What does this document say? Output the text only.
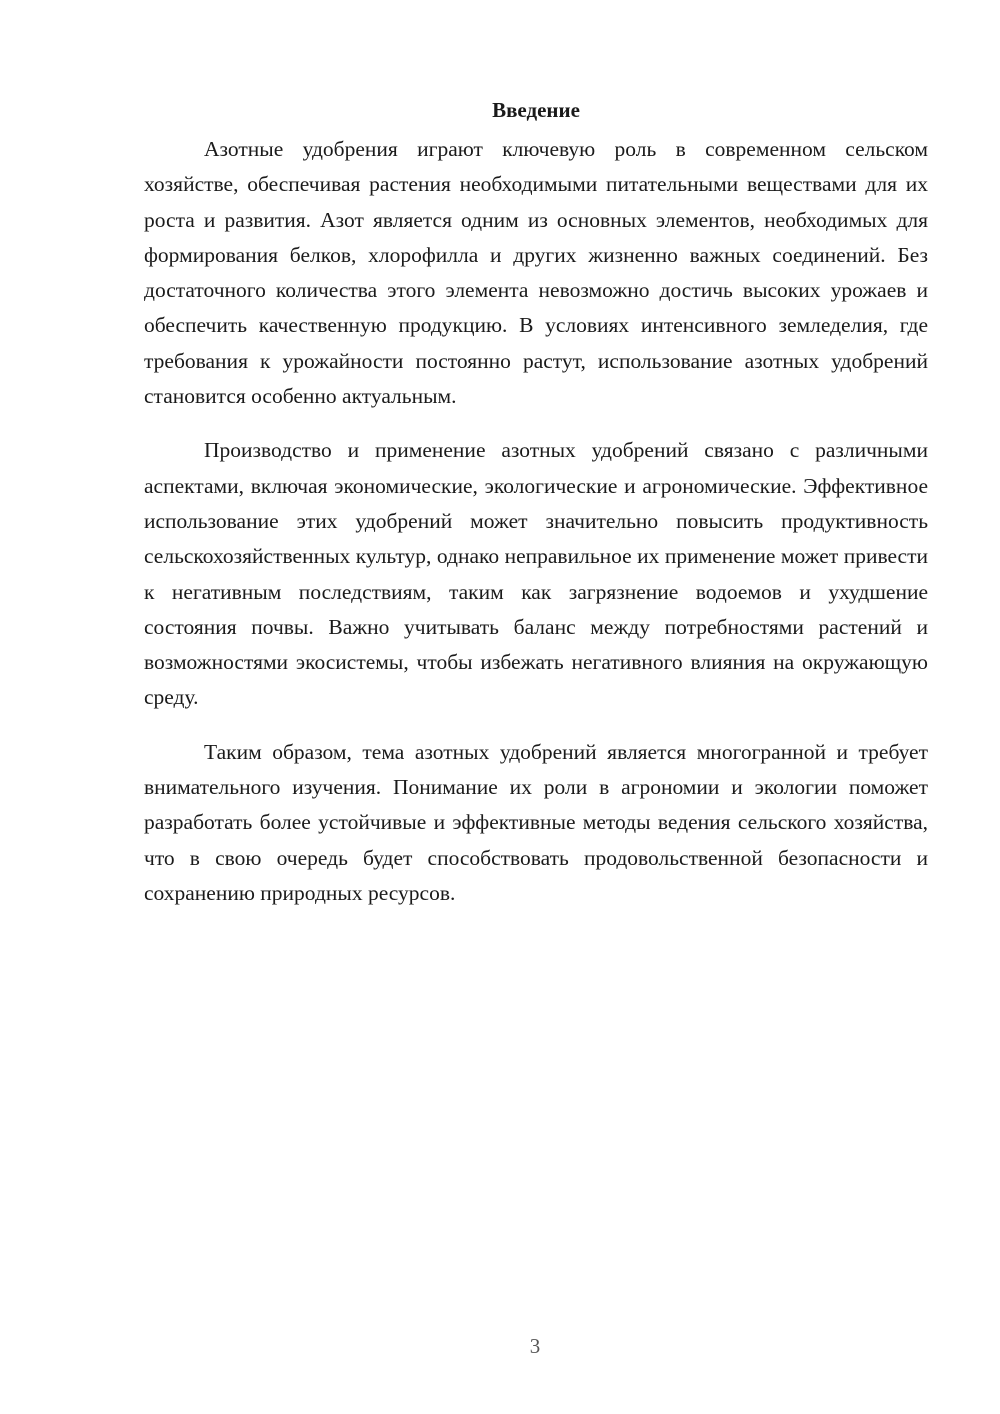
Введение

Азотные удобрения играют ключевую роль в современном сельском хозяйстве, обеспечивая растения необходимыми питательными веществами для их роста и развития. Азот является одним из основных элементов, необходимых для формирования белков, хлорофилла и других жизненно важных соединений. Без достаточного количества этого элемента невозможно достичь высоких урожаев и обеспечить качественную продукцию. В условиях интенсивного земледелия, где требования к урожайности постоянно растут, использование азотных удобрений становится особенно актуальным.

Производство и применение азотных удобрений связано с различными аспектами, включая экономические, экологические и агрономические. Эффективное использование этих удобрений может значительно повысить продуктивность сельскохозяйственных культур, однако неправильное их применение может привести к негативным последствиям, таким как загрязнение водоемов и ухудшение состояния почвы. Важно учитывать баланс между потребностями растений и возможностями экосистемы, чтобы избежать негативного влияния на окружающую среду.

Таким образом, тема азотных удобрений является многогранной и требует внимательного изучения. Понимание их роли в агрономии и экологии поможет разработать более устойчивые и эффективные методы ведения сельского хозяйства, что в свою очередь будет способствовать продовольственной безопасности и сохранению природных ресурсов.

3
